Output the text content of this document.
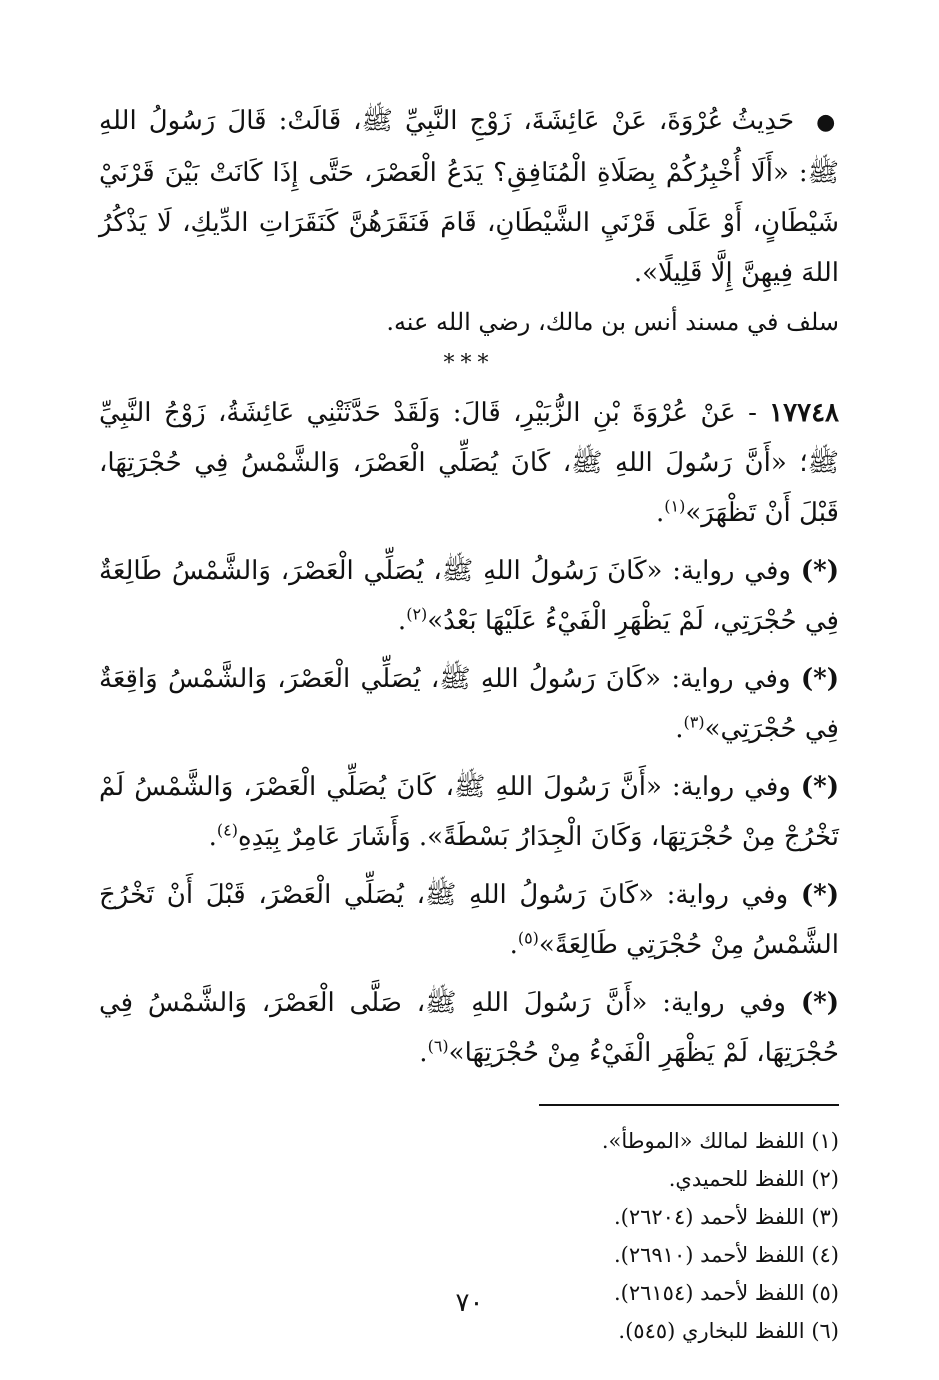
● حَدِيثُ عُرْوَةَ، عَنْ عَائِشَةَ، زَوْجِ النَّبِيِّ ﷺ، قَالَتْ: قَالَ رَسُولُ اللهِ ﷺ: «أَلَا أُخْبِرُكُمْ بِصَلَاةِ الْمُنَافِقِ؟ يَدَعُ الْعَصْرَ، حَتَّى إِذَا كَانَتْ بَيْنَ قَرْنَيْ شَيْطَانٍ، أَوْ عَلَى قَرْنَيِ الشَّيْطَانِ، قَامَ فَنَقَرَهُنَّ كَنَقَرَاتِ الدِّيكِ، لَا يَذْكُرُ اللهَ فِيهِنَّ إِلَّا قَلِيلًا».

سلف في مسند أنس بن مالك، رضي الله عنه.

***

١٧٧٤٨ - عَنْ عُرْوَةَ بْنِ الزُّبَيْرِ، قَالَ: وَلَقَدْ حَدَّثَتْنِي عَائِشَةُ، زَوْجُ النَّبِيِّ ﷺ؛ «أَنَّ رَسُولَ اللهِ ﷺ، كَانَ يُصَلِّي الْعَصْرَ، وَالشَّمْسُ فِي حُجْرَتِهَا، قَبْلَ أَنْ تَظْهَرَ»$^{(١)}$.

(*) وفي رواية: «كَانَ رَسُولُ اللهِ ﷺ، يُصَلِّي الْعَصْرَ، وَالشَّمْسُ طَالِعَةٌ فِي حُجْرَتِي، لَمْ يَظْهَرِ الْفَيْءُ عَلَيْهَا بَعْدُ»$^{(٢)}$.

(*) وفي رواية: «كَانَ رَسُولُ اللهِ ﷺ، يُصَلِّي الْعَصْرَ، وَالشَّمْسُ وَاقِعَةٌ فِي حُجْرَتِي»$^{(٣)}$.

(*) وفي رواية: «أَنَّ رَسُولَ اللهِ ﷺ، كَانَ يُصَلِّي الْعَصْرَ، وَالشَّمْسُ لَمْ تَخْرُجْ مِنْ حُجْرَتِهَا، وَكَانَ الْجِدَارُ بَسْطَةً». وَأَشَارَ عَامِرٌ بِيَدِهِ$^{(٤)}$.

(*) وفي رواية: «كَانَ رَسُولُ اللهِ ﷺ، يُصَلِّي الْعَصْرَ، قَبْلَ أَنْ تَخْرُجَ الشَّمْسُ مِنْ حُجْرَتِي طَالِعَةً»$^{(٥)}$.

(*) وفي رواية: «أَنَّ رَسُولَ اللهِ ﷺ، صَلَّى الْعَصْرَ، وَالشَّمْسُ فِي حُجْرَتِهَا، لَمْ يَظْهَرِ الْفَيْءُ مِنْ حُجْرَتِهَا»$^{(٦)}$.

(١) اللفظ لمالك «الموطأ».

(٢) اللفظ للحميدي.

(٣) اللفظ لأحمد (٢٦٢٠٤).

(٤) اللفظ لأحمد (٢٦٩١٠).

(٥) اللفظ لأحمد (٢٦١٥٤).

(٦) اللفظ للبخاري (٥٤٥).

٧٠
